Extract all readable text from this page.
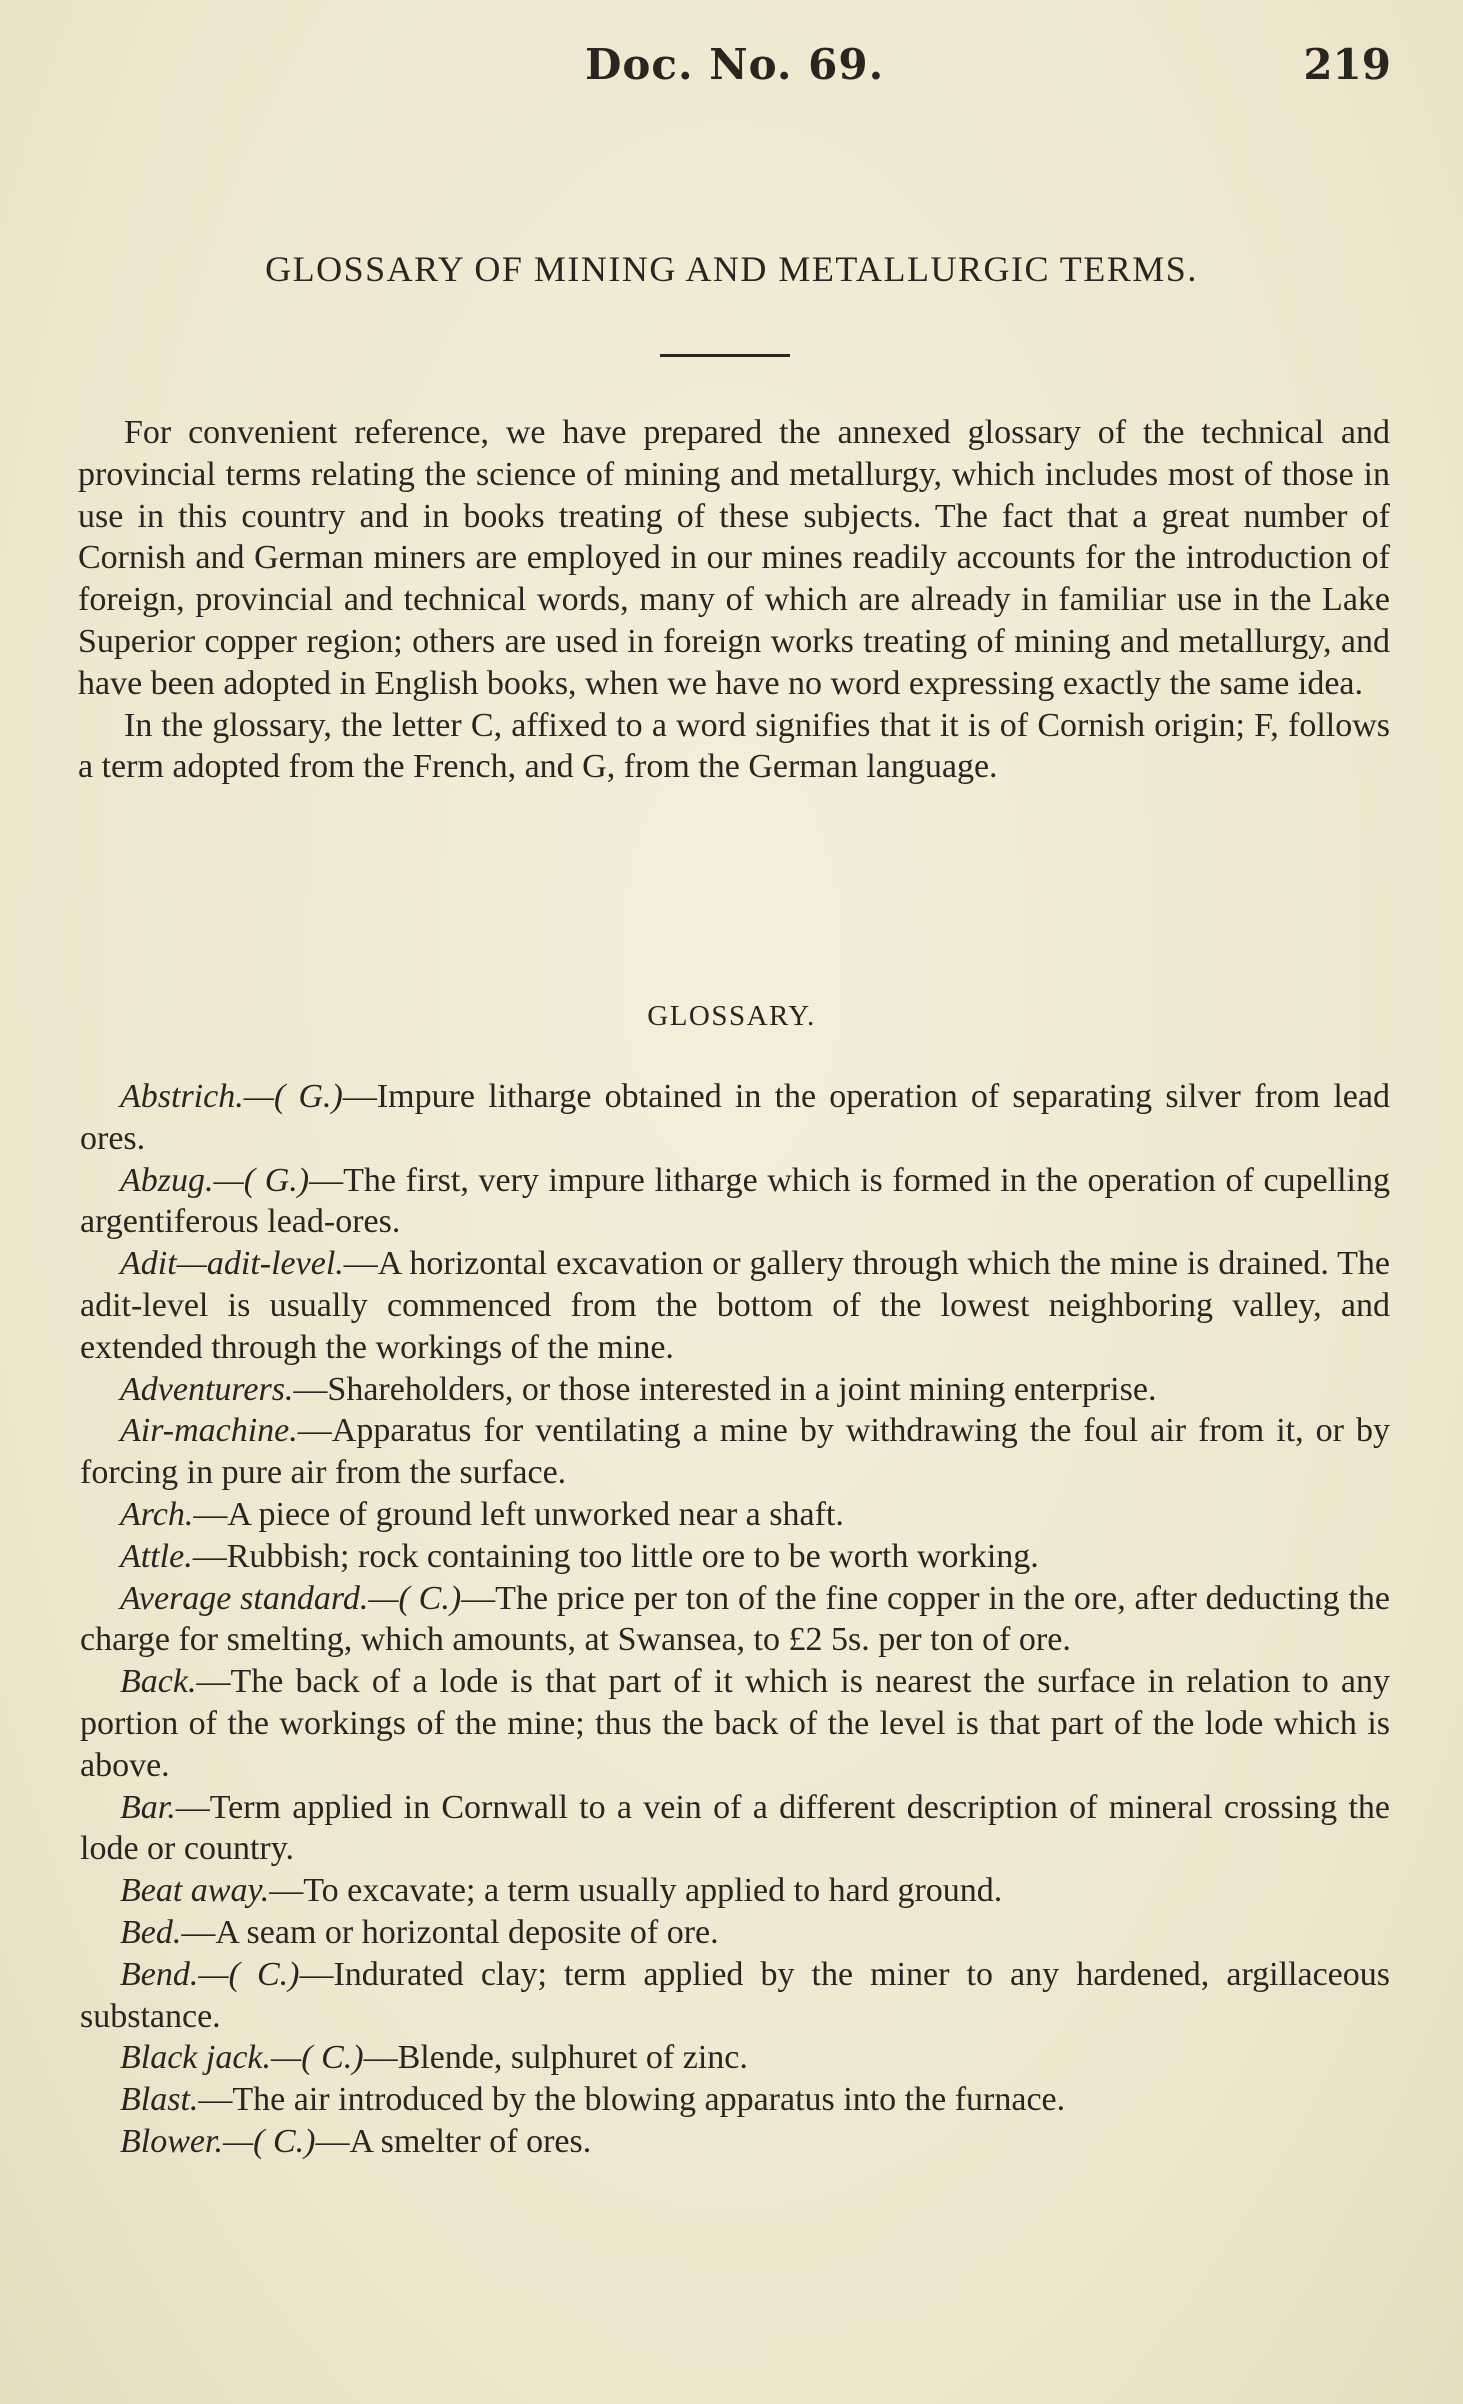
Doc. No. 69.	219
GLOSSARY OF MINING AND METALLURGIC TERMS.

For convenient reference, we have prepared the annexed glossary of the technical and provincial terms relating the science of mining and metallurgy, which includes most of those in use in this country and in books treating of these subjects. The fact that a great number of Cornish and German miners are employed in our mines readily accounts for the introduction of foreign, provincial and technical words, many of which are already in familiar use in the Lake Superior copper region; others are used in foreign works treating of mining and metallurgy, and have been adopted in English books, when we have no word expressing exactly the same idea.

In the glossary, the letter C, affixed to a word signifies that it is of Cornish origin; F, follows a term adopted from the French, and G, from the German language.

GLOSSARY.

Abstrich.—( G.)—Impure litharge obtained in the operation of separating silver from lead ores.

Abzug.—( G.)—The first, very impure litharge which is formed in the operation of cupelling argentiferous lead-ores.

Adit—adit-level.—A horizontal excavation or gallery through which the mine is drained. The adit-level is usually commenced from the bottom of the lowest neighboring valley, and extended through the workings of the mine.

Adventurers.—Shareholders, or those interested in a joint mining enterprise.

Air-machine.—Apparatus for ventilating a mine by withdrawing the foul air from it, or by forcing in pure air from the surface.

Arch.—A piece of ground left unworked near a shaft.

Attle.—Rubbish; rock containing too little ore to be worth working.

Average standard.—( C.)—The price per ton of the fine copper in the ore, after deducting the charge for smelting, which amounts, at Swansea, to £2 5s. per ton of ore.

Back.—The back of a lode is that part of it which is nearest the surface in relation to any portion of the workings of the mine; thus the back of the level is that part of the lode which is above.

Bar.—Term applied in Cornwall to a vein of a different description of mineral crossing the lode or country.

Beat away.—To excavate; a term usually applied to hard ground.

Bed.—A seam or horizontal deposite of ore.

Bend.—( C.)—Indurated clay; term applied by the miner to any hardened, argillaceous substance.

Black jack.—( C.)—Blende, sulphuret of zinc.

Blast.—The air introduced by the blowing apparatus into the furnace.

Blower.—( C.)—A smelter of ores.
